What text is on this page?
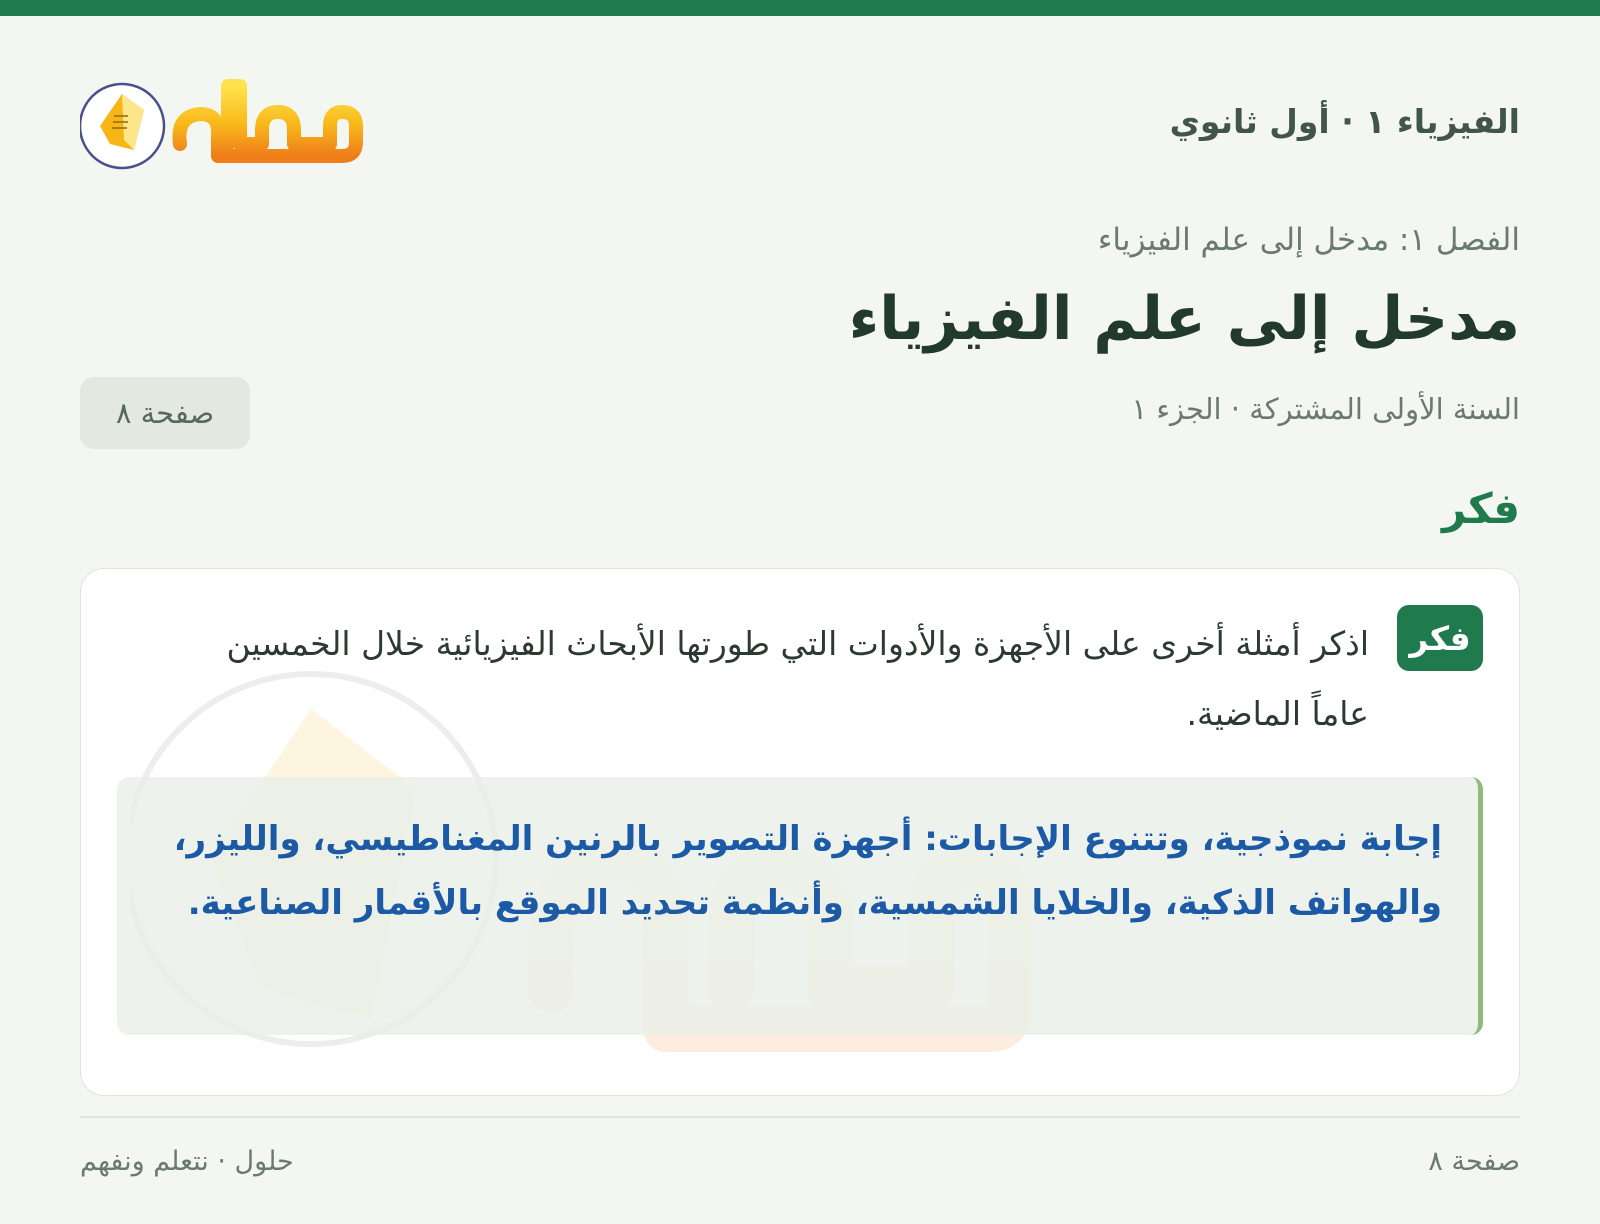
الفيزياء ١ · أول ثانوي
الفصل ١: مدخل إلى علم الفيزياء
مدخل إلى علم الفيزياء
السنة الأولى المشتركة · الجزء ١
صفحة ٨
فكر
فكر
اذكر أمثلة أخرى على الأجهزة والأدوات التي طورتها الأبحاث الفيزيائية خلال الخمسين عاماً الماضية.
إجابة نموذجية، وتتنوع الإجابات: أجهزة التصوير بالرنين المغناطيسي، والليزر، والهواتف الذكية، والخلايا الشمسية، وأنظمة تحديد الموقع بالأقمار الصناعية.
صفحة ٨
حلول · نتعلم ونفهم
